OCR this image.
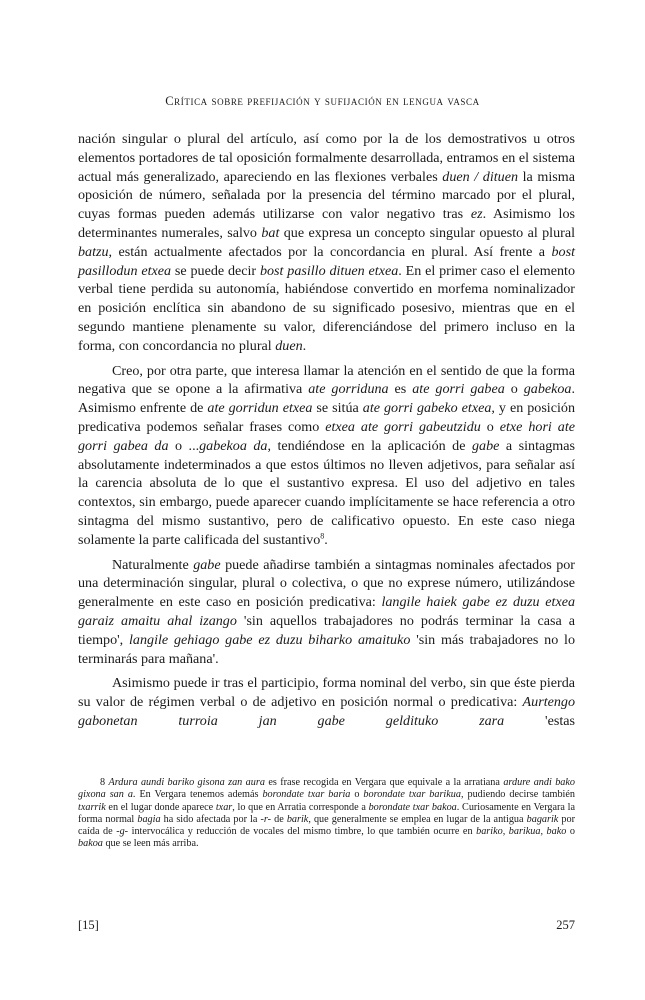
Crítica sobre prefijación y sufijación en lengua vasca

nación singular o plural del artículo, así como por la de los demostrativos u otros elementos portadores de tal oposición formalmente desarrollada, entramos en el sistema actual más generalizado, apareciendo en las flexiones verbales duen / dituen la misma oposición de número, señalada por la presencia del término marcado por el plural, cuyas formas pueden además utilizarse con valor negativo tras ez. Asimismo los determinantes numerales, salvo bat que expresa un concepto singular opuesto al plural batzu, están actualmente afectados por la concordancia en plural. Así frente a bost pasillodun etxea se puede decir bost pasillo dituen etxea. En el primer caso el elemento verbal tiene perdida su autonomía, habiéndose convertido en morfema nominalizador en posición enclítica sin abandono de su significado posesivo, mientras que en el segundo mantiene plenamente su valor, diferenciándose del primero incluso en la forma, con concordancia no plural duen.

Creo, por otra parte, que interesa llamar la atención en el sentido de que la forma negativa que se opone a la afirmativa ate gorriduna es ate gorri gabea o gabekoa. Asimismo enfrente de ate gorridun etxea se sitúa ate gorri gabeko etxea, y en posición predicativa podemos señalar frases como etxea ate gorri gabeutzidu o etxe hori ate gorri gabea da o ...gabekoa da, tendiéndose en la aplicación de gabe a sintagmas absolutamente indeterminados a que estos últimos no lleven adjetivos, para señalar así la carencia absoluta de lo que el sustantivo expresa. El uso del adjetivo en tales contextos, sin embargo, puede aparecer cuando implícitamente se hace referencia a otro sintagma del mismo sustantivo, pero de calificativo opuesto. En este caso niega solamente la parte calificada del sustantivo$^8$.

Naturalmente gabe puede añadirse también a sintagmas nominales afectados por una determinación singular, plural o colectiva, o que no exprese número, utilizándose generalmente en este caso en posición predicativa: langile haiek gabe ez duzu etxea garaiz amaitu ahal izango 'sin aquellos trabajadores no podrás terminar la casa a tiempo', langile gehiago gabe ez duzu biharko amaituko 'sin más trabajadores no lo terminarás para mañana'.

Asimismo puede ir tras el participio, forma nominal del verbo, sin que éste pierda su valor de régimen verbal o de adjetivo en posición normal o predicativa: Aurtengo gabonetan turroia jan gabe gelditukо zara 'estas

8 Ardura aundi bariko gisona zan aura es frase recogida en Vergara que equivale a la arratiana ardure andi bako gixona san a. En Vergara tenemos además borondate txar baria o borondate txar barikua, pudiendo decirse también txarrik en el lugar donde aparece txar, lo que en Arratia corresponde a borondate txar bakoa. Curiosamente en Vergara la forma normal bagia ha sido afectada por la -r- de barik, que generalmente se emplea en lugar de la antigua bagarik por caída de -g- intervocálica y reducción de vocales del mismo timbre, lo que también ocurre en bariko, barikua, bako o bakoa que se leen más arriba.

[15]	257
